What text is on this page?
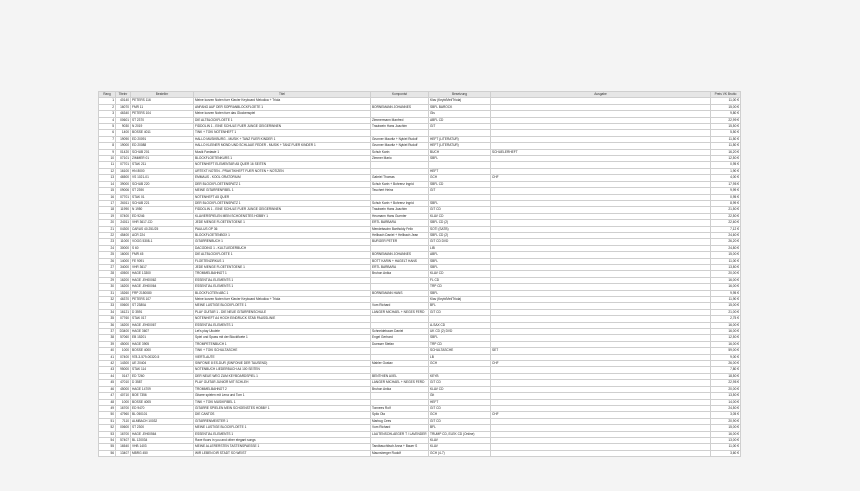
Rang	Titelnr	Bestellnr	Titel	Komponist	Besetzung	Ausgabe	Preis VK Brutto
1	40140	PETERS 116	Meine kurzen Noten fuer Klavier Keyboard Melodica + Triola		Klav (Keyb/Mel/Triola)		11,00 €
2	16070	FMR 11	ANFANG AUF DER SOPRANBLOCKFLOETE 1	BORNEMANN JOHANNES	SBFL BAROCK		15,00 €
3	46340	PETERS 104	Meine kurzen Noten fuer das Glockenspiel		Gls		9,80 €
4	00601	ST 2370	DIE ALTBLOCKFLOETE 1	Zimmermann Manfred	ABFL CD		22,99 €
5	9030	N 2019	FIDDOLIN 1 - EINE SCHULE FUER JUNGE GEIGERINNEN	Trautwein Hans Joachim	GIT		15,50 €
6	1400	BOSSE 4011	TINK + TOKI NOTENHEFT 1				5,50 €
7	19090	ED 20091	HALLO MUSIKBURG - MUSIK + TANZ FUER KINDER 1	Grunner Mauritz + Nykiel Rudolf	HEFT (LITERATUR)		11,50 €
8	19000	ED 20088	HALLO KLEINER MOND UND SCHLAUE FEDER - MUSIK + TANZ FUER KINDER 1	Grunner Mauritz + Nykiel Rudolf	HEFT (LITERATUR)		11,50 €
9	01420	SCHUB 201	Musik Fantasie 1	Schuh Karin	BUCH	SCHUELERHEFT	16,20 €
10	07101	ZIMMER 01	BLOCKFLOETENKURS 1	Zimmer Mario	SBFL		12,50 €
11	07701	STAK 211	NOTENHEFT ELEMENTAR A5 QUER 16 SEITEN				0,95 €
12	16100	HN 8000	URTEXT NOTEN - PRAKTIKHEFT FUER NOTEN + NOTIZEN		HEFT		1,90 €
13	46500	VS 1021-01	EMMAUS - KOOL ORATORIUM	Gabriel Thomas	GCH	CHF	4,00 €
14	39000	SCHUB 220	DER BLOCKFLOETENSPATZ 1	Schuh Karin + Bohrenz Ingrid	SBFL CD		17,95 €
15	09006	ST 2390	MEINE GITARRENFIBEL 1	Teuchert Heinz	GIT		9,99 €
16	07701	STAK 01	NOTENHEFT A5 QUER				0,95 €
17	26011	SCHUB 221	DER BLOCKFLOETENSPATZ 1	Schuh Karin + Bohrenz Ingrid	SBFL		8,99 €
18	11990	N 1950	FIDDOLIN 1 - EINE SCHULE FUER JUNGE GEIGERINNEN	Trautwein Hans Joachim	GIT CD		21,50 €
19	07400	ED 9246	KLAVIERSPIELEN MEIN SCHOENSTES HOBBY 1	Heumann Hans Guenter	KLAV CD		22,50 €
20	24011	VHR 3617-CD	JEDE MENGE FLOETENTOENE 1	ERTL BARBARA	SBFL CD (2)		22,60 €
21	04300	CARUS 40.251/25	PAULUS OP 36	Mendelssohn Bartholdy Felix	SOTI (SATB)		7,12 €
22	45400	ACR 224	BLOCKFLOETENBOX 1	Hellbach Daniel + Hellbach Jean	SBFL CD (2)		24,60 €
23	11000	VOGG 5308-1	GITARRENBUCH 1	BURGER PETER	GIT CD DVD		26,20 €
24	30000	S 60	DACODING 1 - KULTLIEDERBUCH		LIB		24,80 €
25	16000	FMR 45	DIE ALTBLOCKFLOETE 1	BORNEMANN JOHANNES	ABFL		15,00 €
26	14000	FE 9091	FLOETENZIRKUS 1	BOTT KARIN + HAGELT HANS	SBFL		11,00 €
27	34000	VHR 3617	JEDE MENGE FLOETENTOENE 1	ERTL BARBARA	SBFL		13,80 €
28	40500	HAGE 13300	TROMMELBAHNOT 1	Bruhon Anika	KLAV CD		20,00 €
29	16200	HAGE -EH00062	ESSENTIAL ELEMENTS 1		FL CD		16,00 €
30	16200	HAGE -EH00064	ESSENTIAL ELEMENTS 1		TRP CD		16,00 €
31	15260	FRP 2150080	BLOCKFLOTEN ABC 1	BORNEMANN HANS	SBFL		9,95 €
32	46370	PETERS 107	Meine kurzen Noten fuer Klavier Keyboard Melodica + Triola		Klav (Keyb/Mel/Triola)		11,90 €
33	00600	ST 2380A	MEINE LUSTIGE BLOCKFLOETE 1	Vom Richard	BFL		15,00 €
34	16121	D 3591	PLAY GUITAR 1 - DIE NEUE GITARRENSCHULE	LANGER MICHAEL + NEGES FERD	GIT CD		21,00 €
35	07760	STAK 017	NOTENHEFT A4 HOCH EINDRUCK STAB PAUSSLINIE				2,75 €
36	16200	HAGE -EH00067	ESSENTIAL ELEMENTS 1		A-SAX CD		16,00 €
37	D3400	HAGE 3607	Let's play Ukulele	Schneidebaum Daniel	UK CD (2) DVD		16,00 €
38	57060	EB 15201	Spiel und Spass mit der Blockfloete 1	Engel Gerhard	SBFL		12,50 €
39	45000	HAGE 3905	TROMPETENBUCH 1	Duesser Stefan	TRP CD		16,00 €
40	1000	BOSSE 4000	TINK + TOKI SCHULTASCHE		SCHULTASCHE	SET	59,00 €
41	07400	978-3-579-00320-5	VIERTLAUTE		LB		9,00 €
42	14300	UE 20404	SINFONIE 8 ES-DUR (SINFONIE DER TAUSEND)	Mahler Gustav	GCH	CHF	26,00 €
43	95000	STAK 114	NOTENBUCH LIEDERBUCH A4 100 SEITEN				7,80 €
44	0147	ED 7260	DER NEUE WEG ZUM KEYBOARDSPIEL 1	BENTHIEN AXEL	KEYB		18,50 €
45	47010	D 3587	PLAY GUITAR JUNIOR MIT SCHLEH	LANGER MICHAEL + NEGES FERD	GIT CD		22,95 €
46	45000	HAGE 14709	TROMMELBAHNOT 2	Bruhon Anika	KLAV CD		20,00 €
47	40710	BOE 7356	Gitarre spielen mit Lena und Tom 1		Git		13,50 €
48	1000	BOSSE 4005	TINK + TOKI MUSIKFIBEL 1		HEFT		14,00 €
49	16700	ED 9470	GITARRE SPIELEN MEIN SCHOENSTES HOBBY 1	Tonnees Rolf	GIT CD		24,50 €
50	47960	BL 050101	DIE CANTOS	Spilo Ola	GCH	CHF	3,05 €
51	7110	ALMBACH 10032	GITARRENMEISTER 1	Marbug Cees	GIT CD		20,90 €
52	00600	ST 2300	MEINE LUSTIGE BLOCKFLOETE 1	Vom Richard	BFL		15,00 €
53	16700	HAGE -EH00564	ESSENTIAL ELEMENTS 1	LAUTENSCHLAEGER T / LAVENDER	TRUMP CD, ELEK CD (Online)		16,00 €
54	57407	BL 120034	Rave floors in you and other elegant songs		KLAV		13,00 €
55	16540	VHB 1403	MEINE ALLERERSTEN TASTENSPAESSE 1	Tandbauchlisch Anna + Bauer S	KLAV		11,00 €
56	13407	MBRG 450	WIR LEBEN DIR STADT SO WEIST	Maunsberger Rudolf	GCH (4-7)		3,60 €
